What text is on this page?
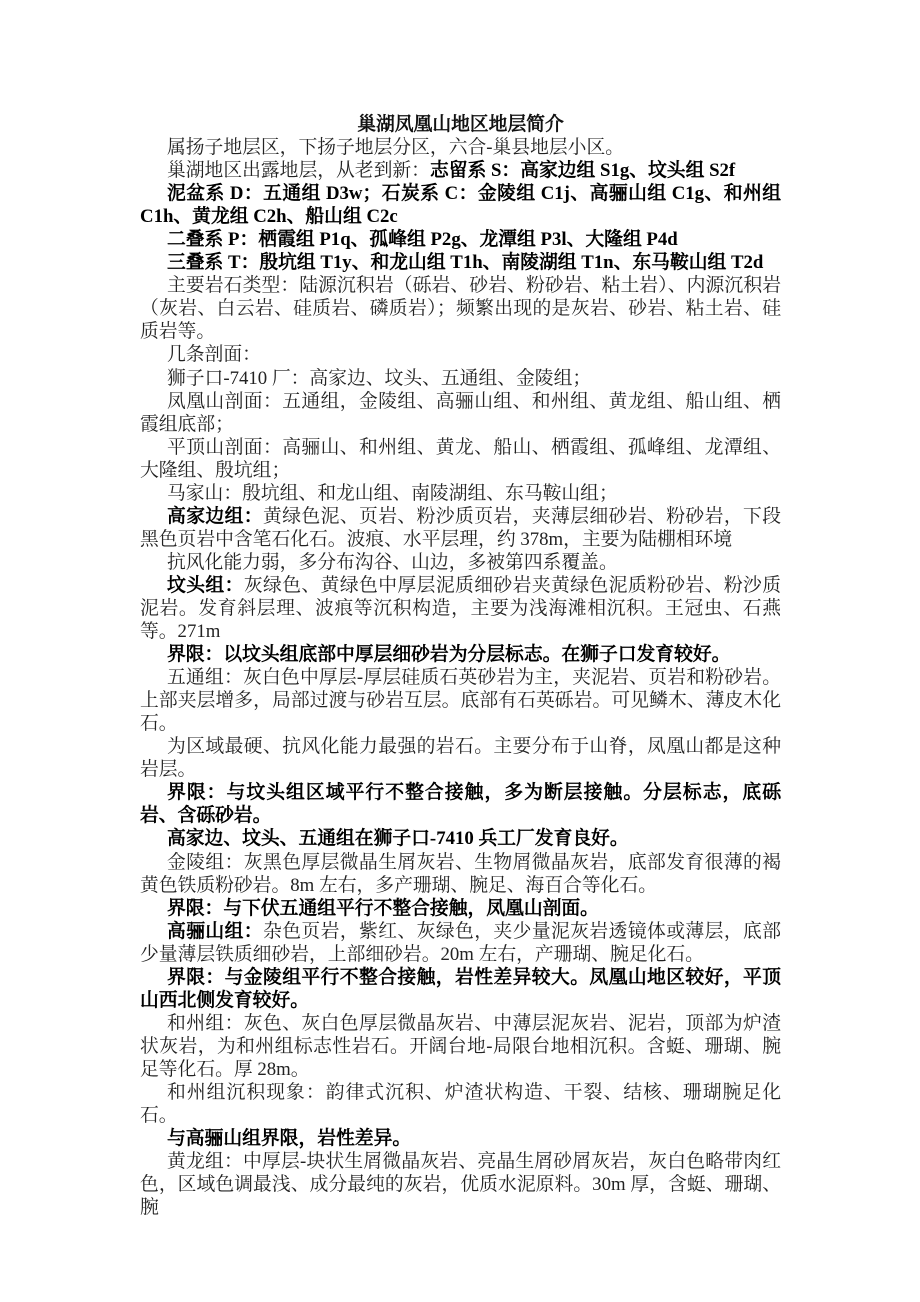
巢湖凤凰山地区地层简介

属扬子地层区，下扬子地层分区，六合-巢县地层小区。

巢湖地区出露地层，从老到新：志留系 S：高家边组 S1g、坟头组 S2f

泥盆系 D：五通组 D3w；石炭系 C：金陵组 C1j、高骊山组 C1g、和州组 C1h、黄龙组 C2h、船山组 C2c

二叠系 P：栖霞组 P1q、孤峰组 P2g、龙潭组 P3l、大隆组 P4d

三叠系 T：殷坑组 T1y、和龙山组 T1h、南陵湖组 T1n、东马鞍山组 T2d

主要岩石类型：陆源沉积岩（砾岩、砂岩、粉砂岩、粘土岩）、内源沉积岩（灰岩、白云岩、硅质岩、磷质岩）；频繁出现的是灰岩、砂岩、粘土岩、硅质岩等。

几条剖面：

狮子口-7410 厂：高家边、坟头、五通组、金陵组；

凤凰山剖面：五通组，金陵组、高骊山组、和州组、黄龙组、船山组、栖霞组底部；

平顶山剖面：高骊山、和州组、黄龙、船山、栖霞组、孤峰组、龙潭组、大隆组、殷坑组；

马家山：殷坑组、和龙山组、南陵湖组、东马鞍山组；

高家边组：黄绿色泥、页岩、粉沙质页岩，夹薄层细砂岩、粉砂岩，下段黑色页岩中含笔石化石。波痕、水平层理，约 378m，主要为陆棚相环境

抗风化能力弱，多分布沟谷、山边，多被第四系覆盖。

坟头组：灰绿色、黄绿色中厚层泥质细砂岩夹黄绿色泥质粉砂岩、粉沙质泥岩。发育斜层理、波痕等沉积构造，主要为浅海滩相沉积。王冠虫、石燕等。271m

界限：以坟头组底部中厚层细砂岩为分层标志。在狮子口发育较好。

五通组：灰白色中厚层-厚层硅质石英砂岩为主，夹泥岩、页岩和粉砂岩。上部夹层增多，局部过渡与砂岩互层。底部有石英砾岩。可见鳞木、薄皮木化石。

为区域最硬、抗风化能力最强的岩石。主要分布于山脊，凤凰山都是这种岩层。

界限：与坟头组区域平行不整合接触，多为断层接触。分层标志，底砾岩、含砾砂岩。

高家边、坟头、五通组在狮子口-7410 兵工厂发育良好。

金陵组：灰黑色厚层微晶生屑灰岩、生物屑微晶灰岩，底部发育很薄的褐黄色铁质粉砂岩。8m 左右，多产珊瑚、腕足、海百合等化石。

界限：与下伏五通组平行不整合接触，凤凰山剖面。

高骊山组：杂色页岩，紫红、灰绿色，夹少量泥灰岩透镜体或薄层，底部少量薄层铁质细砂岩，上部细砂岩。20m 左右，产珊瑚、腕足化石。

界限：与金陵组平行不整合接触，岩性差异较大。凤凰山地区较好，平顶山西北侧发育较好。

和州组：灰色、灰白色厚层微晶灰岩、中薄层泥灰岩、泥岩，顶部为炉渣状灰岩，为和州组标志性岩石。开阔台地-局限台地相沉积。含蜓、珊瑚、腕足等化石。厚 28m。

和州组沉积现象：韵律式沉积、炉渣状构造、干裂、结核、珊瑚腕足化石。

与高骊山组界限，岩性差异。

黄龙组：中厚层-块状生屑微晶灰岩、亮晶生屑砂屑灰岩，灰白色略带肉红色，区域色调最浅、成分最纯的灰岩，优质水泥原料。30m 厚，含蜓、珊瑚、腕
